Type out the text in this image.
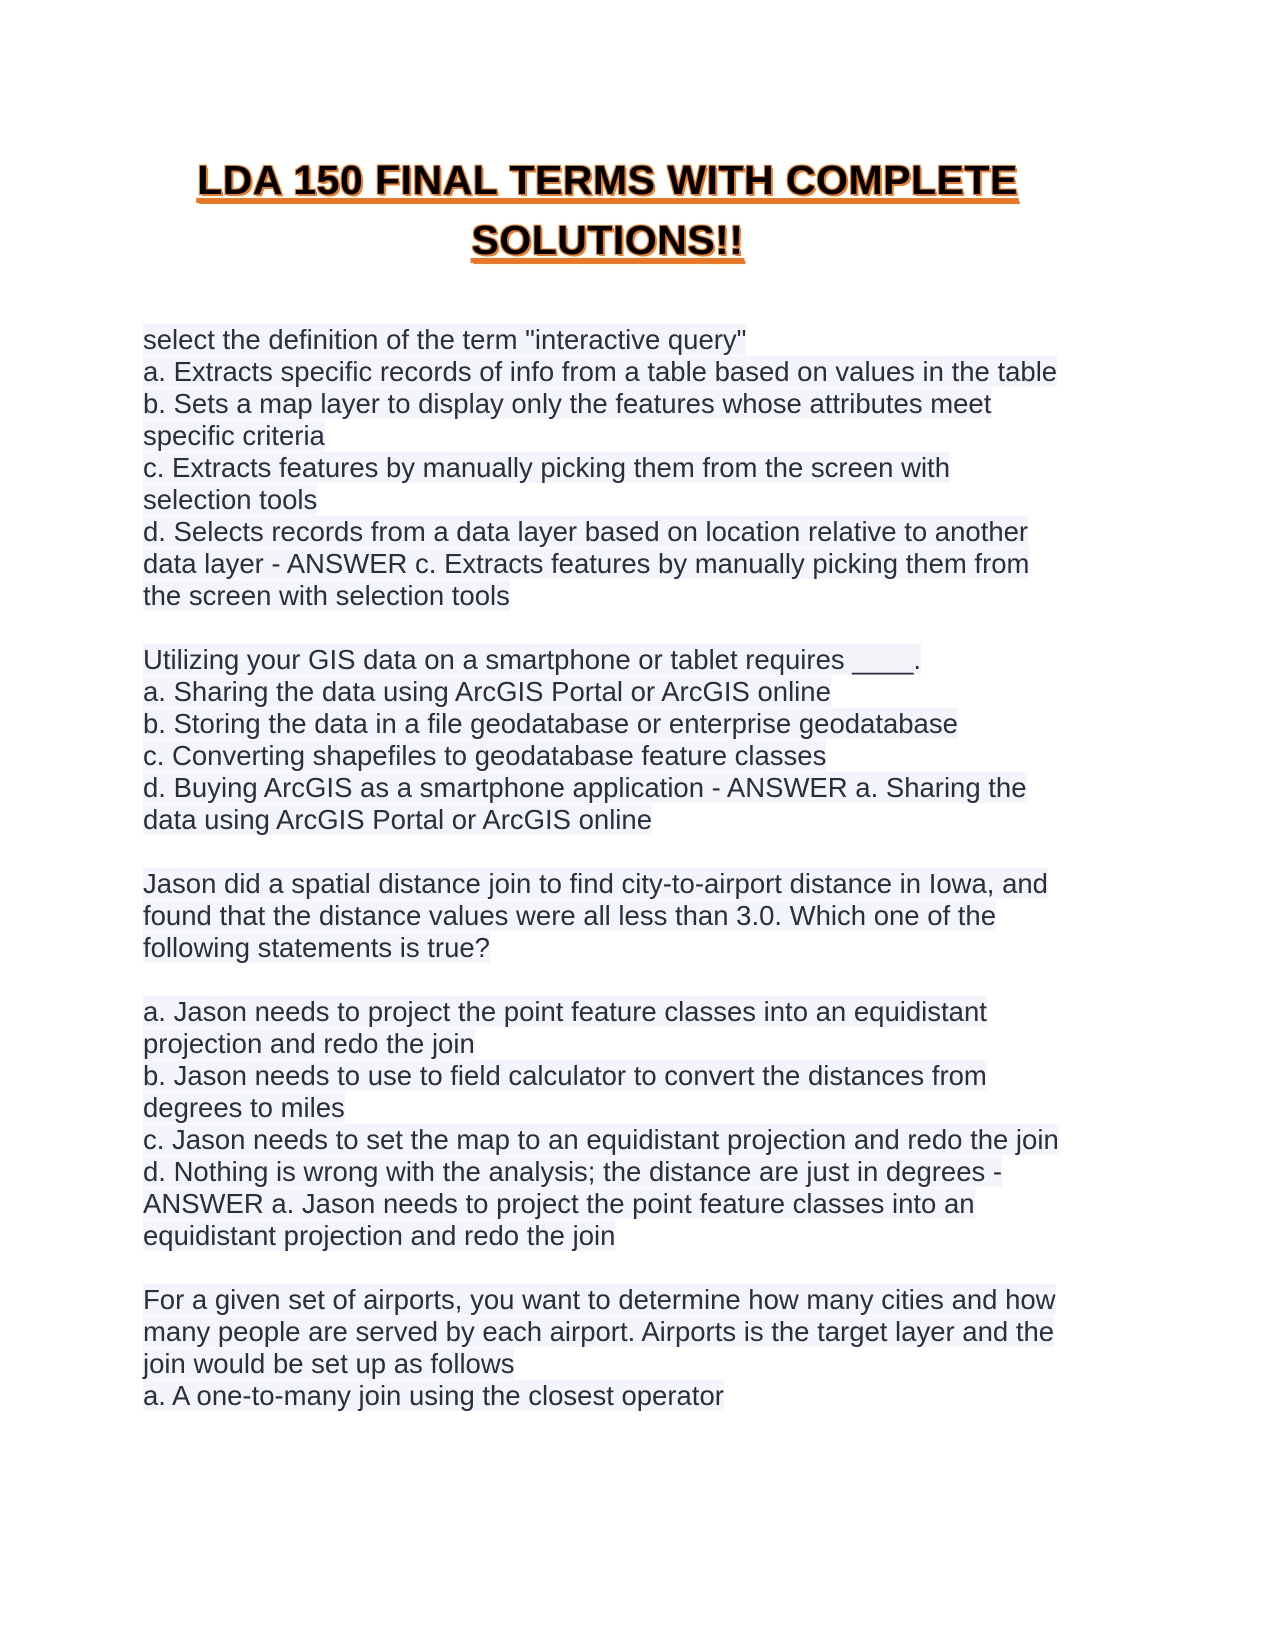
LDA 150 FINAL TERMS WITH COMPLETE
SOLUTIONS!!
select the definition of the term "interactive query"
a. Extracts specific records of info from a table based on values in the table
b. Sets a map layer to display only the features whose attributes meet
specific criteria
c. Extracts features by manually picking them from the screen with
selection tools
d. Selects records from a data layer based on location relative to another
data layer - ANSWER c. Extracts features by manually picking them from
the screen with selection tools
Utilizing your GIS data on a smartphone or tablet requires ____.
a. Sharing the data using ArcGIS Portal or ArcGIS online
b. Storing the data in a file geodatabase or enterprise geodatabase
c. Converting shapefiles to geodatabase feature classes
d. Buying ArcGIS as a smartphone application - ANSWER a. Sharing the
data using ArcGIS Portal or ArcGIS online
Jason did a spatial distance join to find city-to-airport distance in Iowa, and
found that the distance values were all less than 3.0. Which one of the
following statements is true?
a. Jason needs to project the point feature classes into an equidistant
projection and redo the join
b. Jason needs to use to field calculator to convert the distances from
degrees to miles
c. Jason needs to set the map to an equidistant projection and redo the join
d. Nothing is wrong with the analysis; the distance are just in degrees -
ANSWER a. Jason needs to project the point feature classes into an
equidistant projection and redo the join
For a given set of airports, you want to determine how many cities and how
many people are served by each airport. Airports is the target layer and the
join would be set up as follows
a. A one-to-many join using the closest operator
